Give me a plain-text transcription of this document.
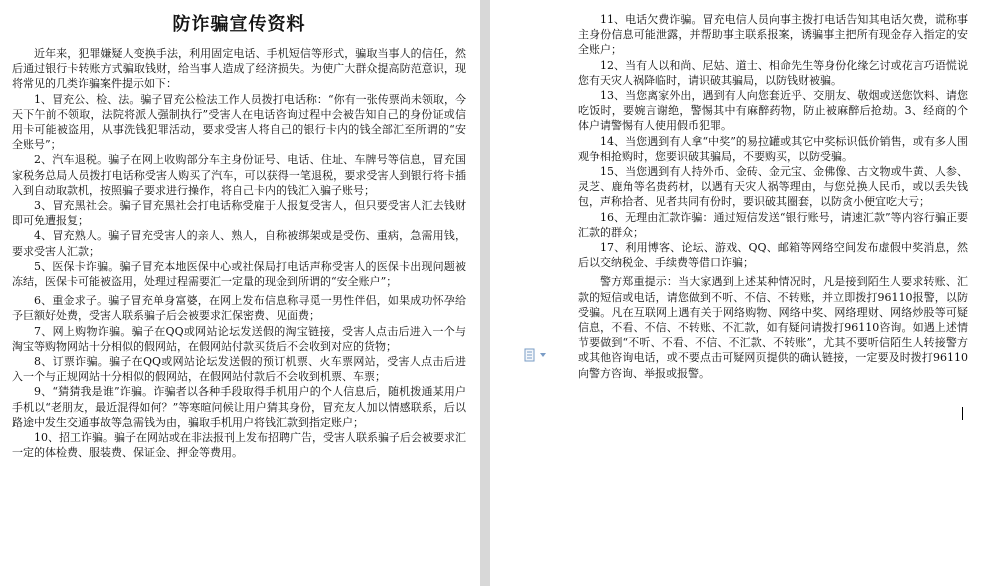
防诈骗宣传资料

近年来，犯罪嫌疑人变换手法，利用固定电话、手机短信等形式，骗取当事人的信任，然后通过银行卡转账方式骗取钱财，给当事人造成了经济损失。为使广大群众提高防范意识，现将常见的几类诈骗案件提示如下：

1、冒充公、检、法。骗子冒充公检法工作人员拨打电话称：“你有一张传票尚未领取，今天下午前不领取，法院将派人强制执行”受害人在电话咨询过程中会被告知自己的身份证或信用卡可能被盗用，从事洗钱犯罪活动，要求受害人将自己的银行卡内的钱全部汇至所谓的“安全账号”；

2、汽车退税。骗子在网上收购部分车主身份证号、电话、住址、车牌号等信息，冒充国家税务总局人员拨打电话称受害人购买了汽车，可以获得一笔退税，要求受害人到银行将卡插入到自动取款机，按照骗子要求进行操作，将自己卡内的钱汇入骗子账号；

3、冒充黑社会。骗子冒充黑社会打电话称受雇于人报复受害人，但只要受害人汇去钱财即可免遭报复；

4、冒充熟人。骗子冒充受害人的亲人、熟人，自称被绑架或是受伤、重病，急需用钱，要求受害人汇款；

5、医保卡诈骗。骗子冒充本地医保中心或社保局打电话声称受害人的医保卡出现问题被冻结，医保卡可能被盗用，处理过程需要汇一定量的现金到所谓的“安全账户”；

6、重金求子。骗子冒充单身富婆，在网上发布信息称寻觅一男性伴侣，如果成功怀孕给予巨额好处费，受害人联系骗子后会被要求汇保密费、见面费；

7、网上购物诈骗。骗子在QQ或网站论坛发送假的淘宝链接，受害人点击后进入一个与淘宝等购物网站十分相似的假网站，在假网站付款买货后不会收到对应的货物；

8、订票诈骗。骗子在QQ或网站论坛发送假的预订机票、火车票网站，受害人点击后进入一个与正规网站十分相似的假网站，在假网站付款后不会收到机票、车票；

9、“猜猜我是谁”诈骗。诈骗者以各种手段取得手机用户的个人信息后，随机拨通某用户手机以“老朋友，最近混得如何？”等寒暄问候让用户猜其身份，冒充友人加以情感联系，后以路途中发生交通事故等急需钱为由，骗取手机用户将钱汇款到指定账户；

10、招工诈骗。骗子在网站或在非法报刊上发布招聘广告，受害人联系骗子后会被要求汇一定的体检费、服装费、保证金、押金等费用。

11、电话欠费诈骗。冒充电信人员向事主拨打电话告知其电话欠费，谎称事主身份信息可能泄露，并帮助事主联系报案，诱骗事主把所有现金存入指定的安全账户；

12、当有人以和尚、尼姑、道士、相命先生等身份化缘乞讨或花言巧语慌说您有天灾人祸降临时，请识破其骗局，以防钱财被骗。

13、当您离家外出，遇到有人向您套近乎、交朋友、敬烟或送您饮料、请您吃饭时，要婉言谢绝，警惕其中有麻醉药物，防止被麻醉后抢劫。3、经商的个体户请警惕有人使用假币犯罪。

14、当您遇到有人拿“中奖”的易拉罐或其它中奖标识低价销售，或有多人围观争相抢购时，您要识破其骗局，不要购买，以防受骗。

15、当您遇到有人持外币、金砖、金元宝、金佛像、古文物或牛黄、人参、灵芝、鹿角等名贵药材，以遇有天灾人祸等理由，与您兑换人民币，或以丢失钱包，声称拾者、见者共同有份时，要识破其圈套，以防贪小便宜吃大亏；

16、无理由汇款诈骗：通过短信发送“银行账号，请速汇款”等内容行骗正要汇款的群众；

17、利用博客、论坛、游戏、QQ、邮箱等网络空间发布虚假中奖消息，然后以交纳税金、手续费等借口诈骗；

警方郑重提示：当大家遇到上述某种情况时，凡是接到陌生人要求转账、汇款的短信或电话，请您做到不听、不信、不转账，并立即拨打96110报警，以防受骗。凡在互联网上遇有关于网络购物、网络中奖、网络理财、网络炒股等可疑信息，不看、不信、不转账、不汇款，如有疑问请拨打96110咨询。如遇上述情节要做到“不听、不看、不信、不汇款、不转账”，尤其不要听信陌生人转接警方或其他咨询电话，或不要点击可疑网页提供的确认链接，一定要及时拨打96110向警方咨询、举报或报警。
